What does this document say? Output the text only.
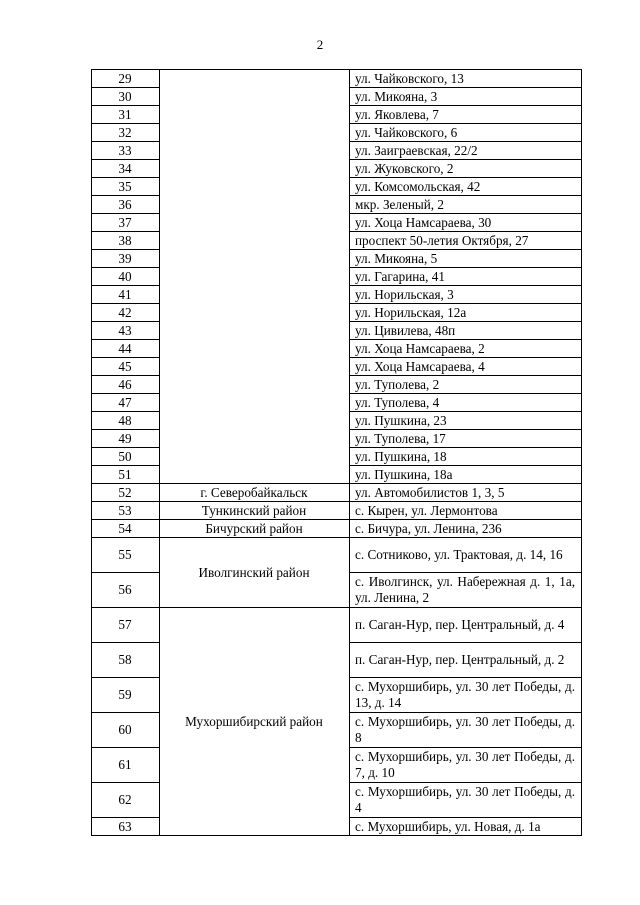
2
29		ул. Чайковского, 13
30		ул. Микояна, 3
31		ул. Яковлева, 7
32		ул. Чайковского, 6
33		ул. Заиграевская, 22/2
34		ул. Жуковского, 2
35		ул. Комсомольская, 42
36		мкр. Зеленый, 2
37		ул. Хоца Намсараева, 30
38		проспект 50-летия Октября, 27
39		ул. Микояна, 5
40		ул. Гагарина, 41
41		ул. Норильская, 3
42		ул. Норильская, 12а
43		ул. Цивилева, 48п
44		ул. Хоца Намсараева, 2
45		ул. Хоца Намсараева, 4
46		ул. Туполева, 2
47		ул. Туполева, 4
48		ул. Пушкина, 23
49		ул. Туполева, 17
50		ул. Пушкина, 18
51		ул. Пушкина, 18а
52	г. Северобайкальск	ул. Автомобилистов 1, 3, 5
53	Тункинский район	с. Кырен, ул. Лермонтова
54	Бичурский район	с. Бичура, ул. Ленина, 236
55	Иволгинский район	с. Сотниково, ул. Трактовая, д. 14, 16
56		с. Иволгинск, ул. Набережная д. 1, 1а, ул. Ленина, 2
57	Мухоршибирский район	п. Саган-Нур, пер. Центральный, д. 4
58		п. Саган-Нур, пер. Цeнтральный, д. 2
59		с. Мухоршибирь, ул. 30 лет Победы, д. 13, д. 14
60		с. Мухоршибирь, ул. 30 лет Победы, д. 8
61		с. Мухоршибирь, ул. 30 лет Победы, д. 7, д. 10
62		с. Мухоршибирь, ул. 30 лет Победы, д. 4
63		с. Мухоршибирь, ул. Новая, д. 1а
